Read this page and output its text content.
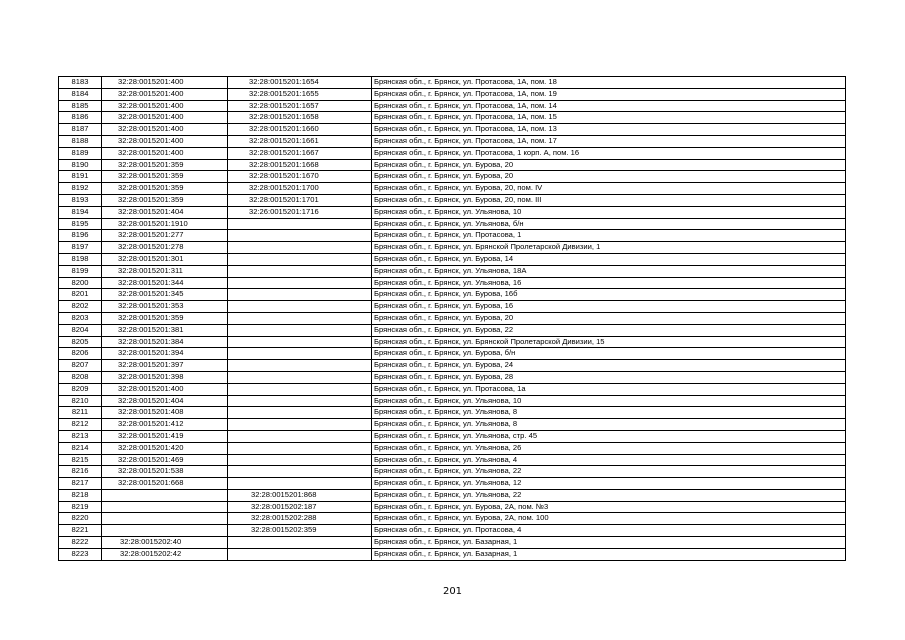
8183	32:28:0015201:400	32:28:0015201:1654	Брянская обл., г. Брянск, ул. Протасова, 1А, пом. 18
8184	32:28:0015201:400	32:28:0015201:1655	Брянская обл., г. Брянск, ул. Протасова, 1А, пом. 19
8185	32:28:0015201:400	32:28:0015201:1657	Брянская обл., г. Брянск, ул. Протасова, 1А, пом. 14
8186	32:28:0015201:400	32:28:0015201:1658	Брянская обл., г. Брянск, ул. Протасова, 1А, пом. 15
8187	32:28:0015201:400	32:28:0015201:1660	Брянская обл., г. Брянск, ул. Протасова, 1А, пом. 13
8188	32:28:0015201:400	32:28:0015201:1661	Брянская обл., г. Брянск, ул. Протасова, 1А, пом. 17
8189	32:28:0015201:400	32:28:0015201:1667	Брянская обл., г. Брянск, ул. Протасова, 1 корп. А, пом. 16
8190	32:28:0015201:359	32:28:0015201:1668	Брянская обл., г. Брянск, ул. Бурова, 20
8191	32:28:0015201:359	32:28:0015201:1670	Брянская обл., г. Брянск, ул. Бурова, 20
8192	32:28:0015201:359	32:28:0015201:1700	Брянская обл., г. Брянск, ул. Бурова, 20, пом. IV
8193	32:28:0015201:359	32:28:0015201:1701	Брянская обл., г. Брянск, ул. Бурова, 20, пом. III
8194	32:28:0015201:404	32:26:0015201:1716	Брянская обл., г. Брянск, ул. Ульянова, 10
8195	32:28:0015201:1910		Брянская обл., г. Брянск, ул. Ульянова, б/н
8196	32:28:0015201:277		Брянская обл., г. Брянск, ул. Протасова, 1
8197	32:28:0015201:278		Брянская обл., г. Брянск, ул. Брянской Пролетарской Дивизии, 1
8198	32:28:0015201:301		Брянская обл., г. Брянск, ул. Бурова, 14
8199	32:28:0015201:311		Брянская обл., г. Брянск, ул. Ульянова, 18А
8200	32:28:0015201:344		Брянская обл., г. Брянск, ул. Ульянова, 16
8201	32:28:0015201:345		Брянская обл., г. Брянск, ул. Бурова, 16б
8202	32:28:0015201:353		Брянская обл., г. Брянск, ул. Бурова, 16
8203	32:28:0015201:359		Брянская обл., г. Брянск, ул. Бурова, 20
8204	32:28:0015201:381		Брянская обл., г. Брянск, ул. Бурова, 22
8205	32:28:0015201:384		Брянская обл., г. Брянск, ул. Брянской Пролетарской Дивизии, 15
8206	32:28:0015201:394		Брянская обл., г. Брянск, ул. Бурова, б/н
8207	32:28:0015201:397		Брянская обл., г. Брянск, ул. Бурова, 24
8208	32:28:0015201:398		Брянская обл., г. Брянск, ул. Бурова, 28
8209	32:28:0015201:400		Брянская обл., г. Брянск, ул. Протасова, 1а
8210	32:28:0015201:404		Брянская обл., г. Брянск, ул. Ульянова, 10
8211	32:28:0015201:408		Брянская обл., г. Брянск, ул. Ульянова, 8
8212	32:28:0015201:412		Брянская обл., г. Брянск, ул. Ульянова, 8
8213	32:28:0015201:419		Брянская обл., г. Брянск, ул. Ульянова, стр. 45
8214	32:28:0015201:420		Брянская обл., г. Брянск, ул. Ульянова, 26
8215	32:28:0015201:469		Брянская обл., г. Брянск, ул. Ульянова, 4
8216	32:28:0015201:538		Брянская обл., г. Брянск, ул. Ульянова, 22
8217	32:28:0015201:668		Брянская обл., г. Брянск, ул. Ульянова, 12
8218		32:28:0015201:868	Брянская обл., г. Брянск, ул. Ульянова, 22
8219		32:28:0015202:187	Брянская обл., г. Брянск, ул. Бурова, 2А, пом. №3
8220		32:28:0015202:288	Брянская обл., г. Брянск, ул. Бурова, 2А, пом. 100
8221		32:28:0015202:359	Брянская обл., г. Брянск, ул. Протасова, 4
8222	32:28:0015202:40		Брянская обл., г. Брянск, ул. Базарная, 1
8223	32:28:0015202:42		Брянская обл., г. Брянск, ул. Базарная, 1
201
